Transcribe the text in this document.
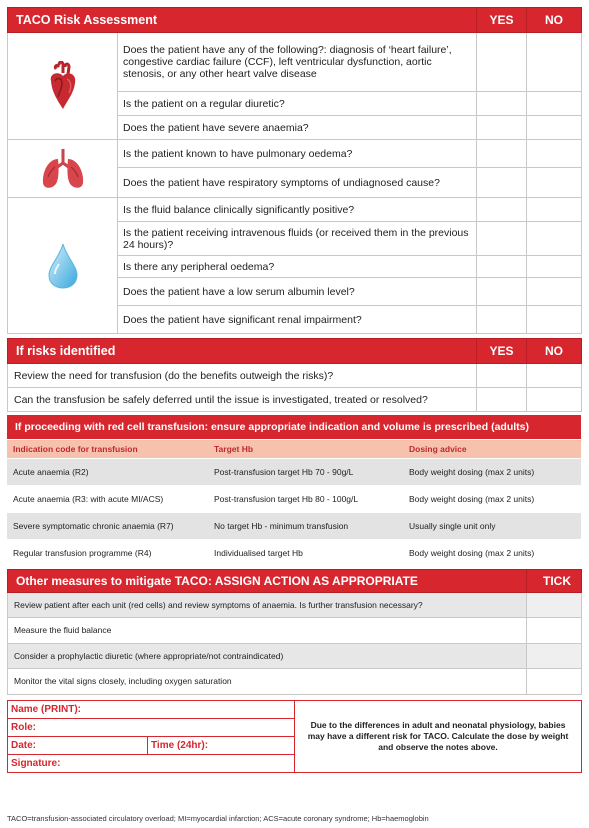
TACO Risk Assessment		YES	NO

	Does the patient have any of the following?: diagnosis of ‘heart failure’, congestive cardiac failure (CCF), left ventricular dysfunction, aortic stenosis, or any other heart valve disease		
	Is the patient on a regular diuretic?		
	Does the patient have severe anaemia?		

	Is the patient known to have pulmonary oedema?		
	Does the patient have respiratory symptoms of undiagnosed cause?		

	Is the fluid balance clinically significantly positive?		
	Is the patient receiving intravenous fluids (or received them in the previous 24 hours)?		
	Is there any peripheral oedema?		
	Does the patient have a low serum albumin level?		
	Does the patient have significant renal impairment?		
If risks identified	YES	NO
Review the need for transfusion (do the benefits outweigh the risks)?		
Can the transfusion be safely deferred until the issue is investigated, treated or resolved?		
If proceeding with red cell transfusion: ensure appropriate indication and volume is prescribed (adults)		
Indication code for transfusion	Target Hb	Dosing advice
Acute anaemia (R2)	Post-transfusion target Hb 70 - 90g/L	Body weight dosing (max 2 units)
Acute anaemia (R3: with acute MI/ACS)	Post-transfusion target Hb 80 - 100g/L	Body weight dosing (max 2 units)
Severe symptomatic chronic anaemia (R7)	No target Hb - minimum transfusion	Usually single unit only
Regular transfusion programme (R4)	Individualised target Hb	Body weight dosing (max 2 units)
Other measures to mitigate TACO: ASSIGN ACTION AS APPROPRIATE	TICK
Review patient after each unit (red cells) and review symptoms of anaemia. Is further transfusion necessary?	
Measure the fluid balance	
Consider a prophylactic diuretic (where appropriate/not contraindicated)	
Monitor the vital signs closely, including oxygen saturation	
Name (PRINT):		Due to the differences in adult and neonatal physiology, babies may have a different risk for TACO. Calculate the dose by weight and observe the notes above.
Role:		
Date:	Time (24hr):	
Signature:		
TACO=transfusion-associated circulatory overload; MI=myocardial infarction; ACS=acute coronary syndrome; Hb=haemoglobin
